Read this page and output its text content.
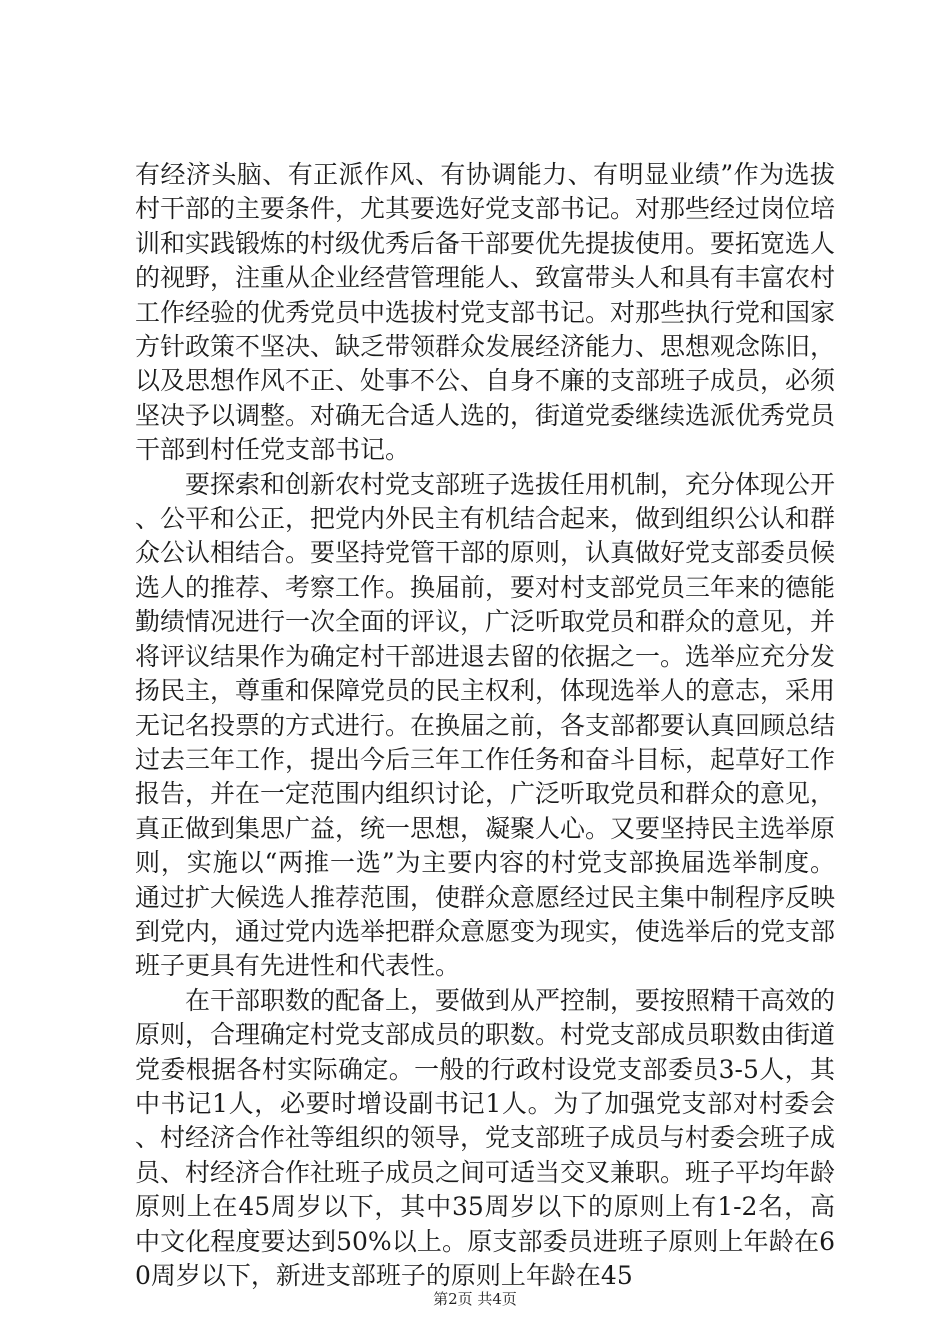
有经济头脑、有正派作风、有协调能力、有明显业绩”作为选拔村干部的主要条件，尤其要选好党支部书记。对那些经过岗位培训和实践锻炼的村级优秀后备干部要优先提拔使用。要拓宽选人的视野，注重从企业经营管理能人、致富带头人和具有丰富农村工作经验的优秀党员中选拔村党支部书记。对那些执行党和国家方针政策不坚决、缺乏带领群众发展经济能力、思想观念陈旧，以及思想作风不正、处事不公、自身不廉的支部班子成员，必须坚决予以调整。对确无合适人选的，街道党委继续选派优秀党员干部到村任党支部书记。

要探索和创新农村党支部班子选拔任用机制，充分体现公开、公平和公正，把党内外民主有机结合起来，做到组织公认和群众公认相结合。要坚持党管干部的原则，认真做好党支部委员候选人的推荐、考察工作。换届前，要对村支部党员三年来的德能勤绩情况进行一次全面的评议，广泛听取党员和群众的意见，并将评议结果作为确定村干部进退去留的依据之一。选举应充分发扬民主，尊重和保障党员的民主权利，体现选举人的意志，采用无记名投票的方式进行。在换届之前，各支部都要认真回顾总结过去三年工作，提出今后三年工作任务和奋斗目标，起草好工作报告，并在一定范围内组织讨论，广泛听取党员和群众的意见，真正做到集思广益，统一思想，凝聚人心。又要坚持民主选举原则，实施以“两推一选”为主要内容的村党支部换届选举制度。通过扩大候选人推荐范围，使群众意愿经过民主集中制程序反映到党内，通过党内选举把群众意愿变为现实，使选举后的党支部班子更具有先进性和代表性。

在干部职数的配备上，要做到从严控制，要按照精干高效的原则，合理确定村党支部成员的职数。村党支部成员职数由街道党委根据各村实际确定。一般的行政村设党支部委员3-5人，其中书记1人，必要时增设副书记1人。为了加强党支部对村委会、村经济合作社等组织的领导，党支部班子成员与村委会班子成员、村经济合作社班子成员之间可适当交叉兼职。班子平均年龄原则上在45周岁以下，其中35周岁以下的原则上有1-2名，高中文化程度要达到50%以上。原支部委员进班子原则上年龄在60周岁以下，新进支部班子的原则上年龄在45

第2页 共4页
